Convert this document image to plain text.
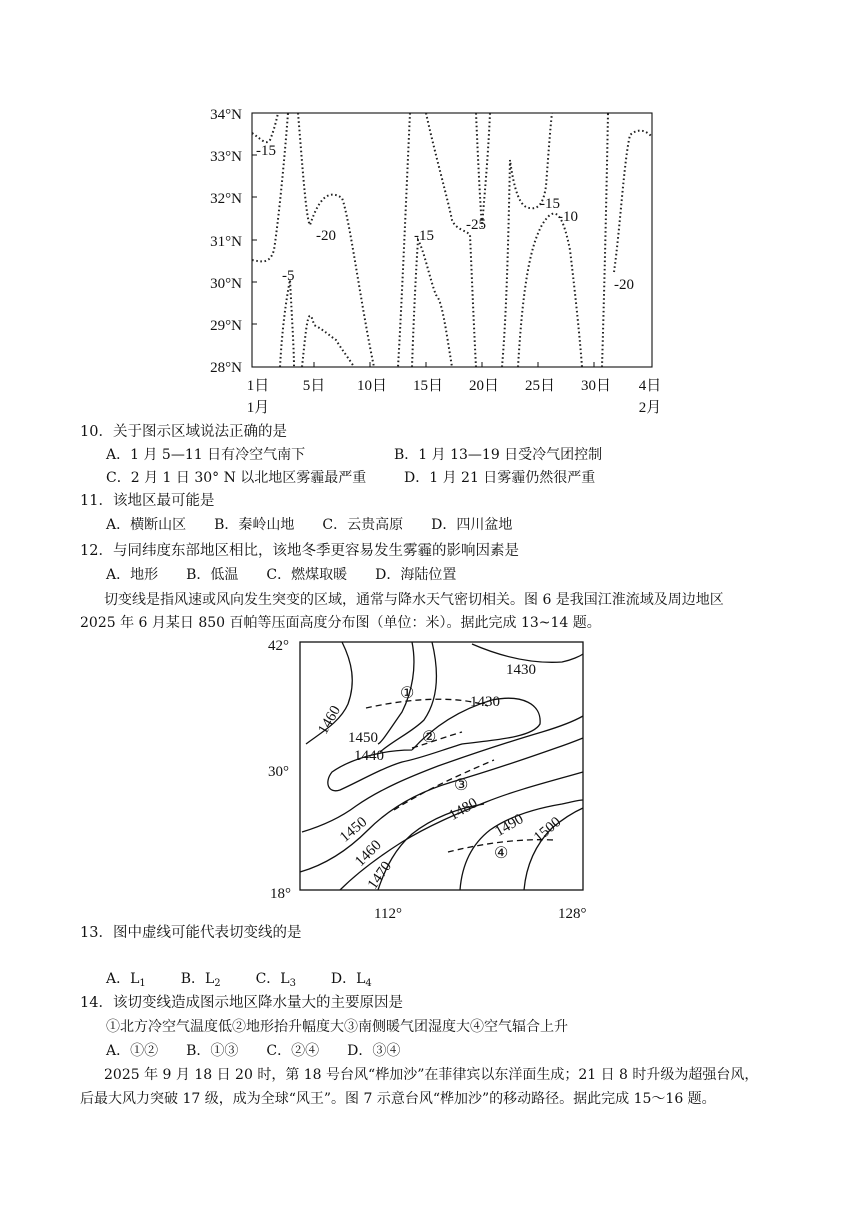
34°N
33°N
32°N
31°N
30°N
29°N
28°N
1日 5日 10日 15日 20日 25日 30日 4日
1月	2月
-15
-20
-5
-15
-25
-15
-10
-20
10．关于图示区域说法正确的是
A．1 月 5—11 日有冷空气南下	B．1 月 13—19 日受冷气团控制
C．2 月 1 日 30° N 以北地区雾霾最严重	D．1 月 21 日雾霾仍然很严重
11．该地区最可能是
A．横断山区　　B．秦岭山地　　C．云贵高原　　D．四川盆地
12．与同纬度东部地区相比，该地冬季更容易发生雾霾的影响因素是
A．地形　　B．低温　　C．燃煤取暖　　D．海陆位置
切变线是指风速或风向发生突变的区域，通常与降水天气密切相关。图 6 是我国江淮流域及周边地区
2025 年 6 月某日 850 百帕等压面高度分布图（单位：米）。据此完成 13~14 题。
42°
30°
18°
112°	128°
1430
1430
1460
1450
1440
1450
1460
1470
1480
1490 1500
①
②
③
④
13．图中虚线可能代表切变线的是
A．$L_1$ B．$L_2$ C．$L_3$ D．$L_4$
14．该切变线造成图示地区降水量大的主要原因是
①北方冷空气温度低②地形抬升幅度大③南侧暖气团湿度大④空气辐合上升
A．①②　　B．①③　　C．②④　　D．③④
2025 年 9 月 18 日 20 时，第 18 号台风“桦加沙”在菲律宾以东洋面生成；21 日 8 时升级为超强台风，
后最大风力突破 17 级，成为全球“风王”。图 7 示意台风“桦加沙”的移动路径。据此完成 15～16 题。
